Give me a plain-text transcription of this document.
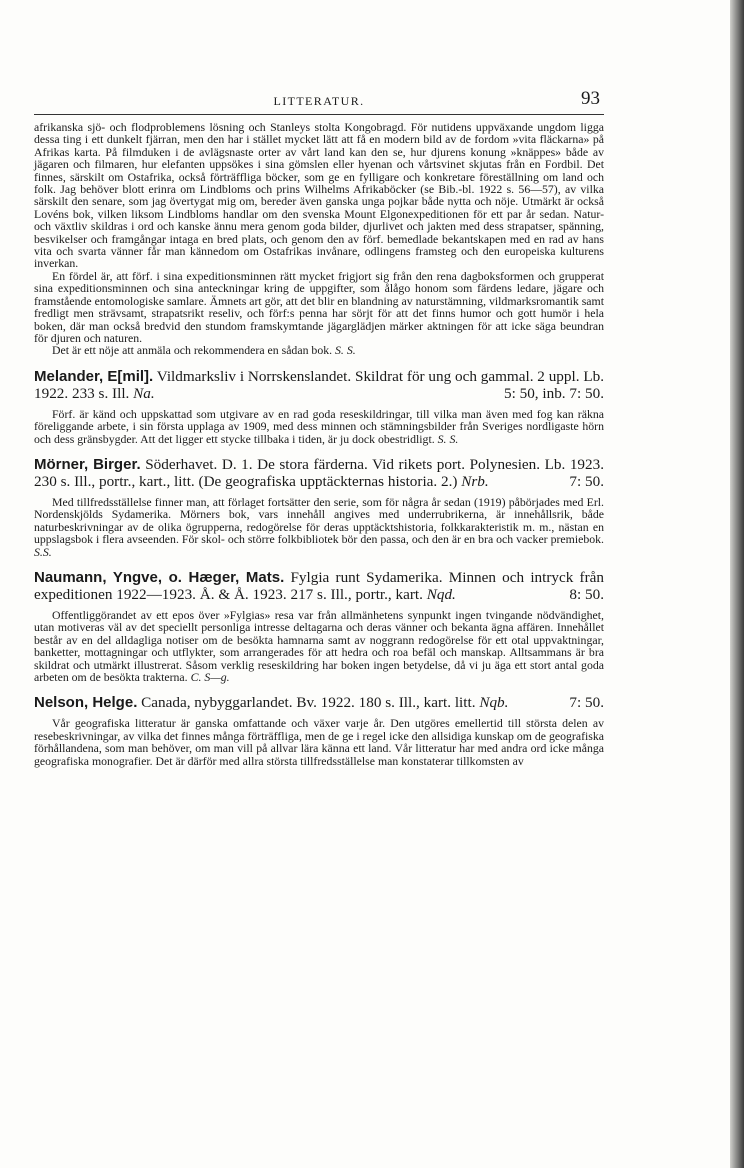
LITTERATUR.	93

afrikanska sjö- och flodproblemens lösning och Stanleys stolta Kongobragd. För nutidens uppväxande ungdom ligga dessa ting i ett dunkelt fjärran, men den har i stället mycket lätt att få en modern bild av de fordom »vita fläckarna» på Afrikas karta. På filmduken i de avlägsnaste orter av vårt land kan den se, hur djurens konung »knäppes» både av jägaren och filmaren, hur elefanten uppsökes i sina gömslen eller hyenan och vårtsvinet skjutas från en Fordbil. Det finnes, särskilt om Ostafrika, också förträffliga böcker, som ge en fylligare och konkretare föreställning om land och folk. Jag behöver blott erinra om Lindbloms och prins Wilhelms Afrikaböcker (se Bib.-bl. 1922 s. 56—57), av vilka särskilt den senare, som jag övertygat mig om, bereder även ganska unga pojkar både nytta och nöje. Utmärkt är också Lovéns bok, vilken liksom Lindbloms handlar om den svenska Mount Elgonexpeditionen för ett par år sedan. Natur- och växtliv skildras i ord och kanske ännu mera genom goda bilder, djurlivet och jakten med dess strapatser, spänning, besvikelser och framgångar intaga en bred plats, och genom den av förf. bemedlade bekantskapen med en rad av hans vita och svarta vänner får man kännedom om Ostafrikas invånare, odlingens framsteg och den europeiska kulturens inverkan.

En fördel är, att förf. i sina expeditionsminnen rätt mycket frigjort sig från den rena dagboksformen och grupperat sina expeditionsminnen och sina anteckningar kring de uppgifter, som ålågo honom som färdens ledare, jägare och framstående entomologiske samlare. Ämnets art gör, att det blir en blandning av naturstämning, vildmarksromantik samt fredligt men strävsamt, strapatsrikt reseliv, och förf:s penna har sörjt för att det finns humor och gott humör i hela boken, där man också bredvid den stundom framskymtande jägarglädjen märker aktningen för att icke säga beundran för djuren och naturen.

Det är ett nöje att anmäla och rekommendera en sådan bok. S. S.

Melander, E[mil]. Vildmarksliv i Norrskenslandet. Skildrat för ung och gammal. 2 uppl. Lb. 1922. 233 s. Ill. Na.	5: 50, inb. 7: 50.

Förf. är känd och uppskattad som utgivare av en rad goda reseskildringar, till vilka man även med fog kan räkna föreliggande arbete, i sin första upplaga av 1909, med dess minnen och stämningsbilder från Sveriges nordligaste hörn och dess gränsbygder. Att det ligger ett stycke tillbaka i tiden, är ju dock obestridligt. S. S.

Mörner, Birger. Söderhavet. D. 1. De stora färderna. Vid rikets port. Polynesien. Lb. 1923. 230 s. Ill., portr., kart., litt. (De geografiska upptäckternas historia. 2.) Nrb.	7: 50.

Med tillfredsställelse finner man, att förlaget fortsätter den serie, som för några år sedan (1919) påbörjades med Erl. Nordenskjölds Sydamerika. Mörners bok, vars innehåll angives med underrubrikerna, är innehållsrik, både naturbeskrivningar av de olika ögrupperna, redogörelse för deras upptäcktshistoria, folkkarakteristik m. m., nästan en uppslagsbok i flera avseenden. För skol- och större folkbibliotek bör den passa, och den är en bra och vacker premiebok. S.S.

Naumann, Yngve, o. Hæger, Mats. Fylgia runt Sydamerika. Minnen och intryck från expeditionen 1922—1923. Å. & Å. 1923. 217 s. Ill., portr., kart. Nqd.	8: 50.

Offentliggörandet av ett epos över »Fylgias» resa var från allmänhetens synpunkt ingen tvingande nödvändighet, utan motiveras väl av det speciellt personliga intresse deltagarna och deras vänner och bekanta ägna affären. Innehållet består av en del alldagliga notiser om de besökta hamnarna samt av noggrann redogörelse för ett otal uppvaktningar, banketter, mottagningar och utflykter, som arrangerades för att hedra och roa befäl och manskap. Alltsammans är bra skildrat och utmärkt illustrerat. Såsom verklig reseskildring har boken ingen betydelse, då vi ju äga ett stort antal goda arbeten om de besökta trakterna. C. S—g.

Nelson, Helge. Canada, nybyggarlandet. Bv. 1922. 180 s. Ill., kart. litt. Nqb.	7: 50.

Vår geografiska litteratur är ganska omfattande och växer varje år. Den utgöres emellertid till största delen av resebeskrivningar, av vilka det finnes många förträffliga, men de ge i regel icke den allsidiga kunskap om de geografiska förhållandena, som man behöver, om man vill på allvar lära känna ett land. Vår litteratur har med andra ord icke många geografiska monografier. Det är därför med allra största tillfredsställelse man konstaterar tillkomsten av
